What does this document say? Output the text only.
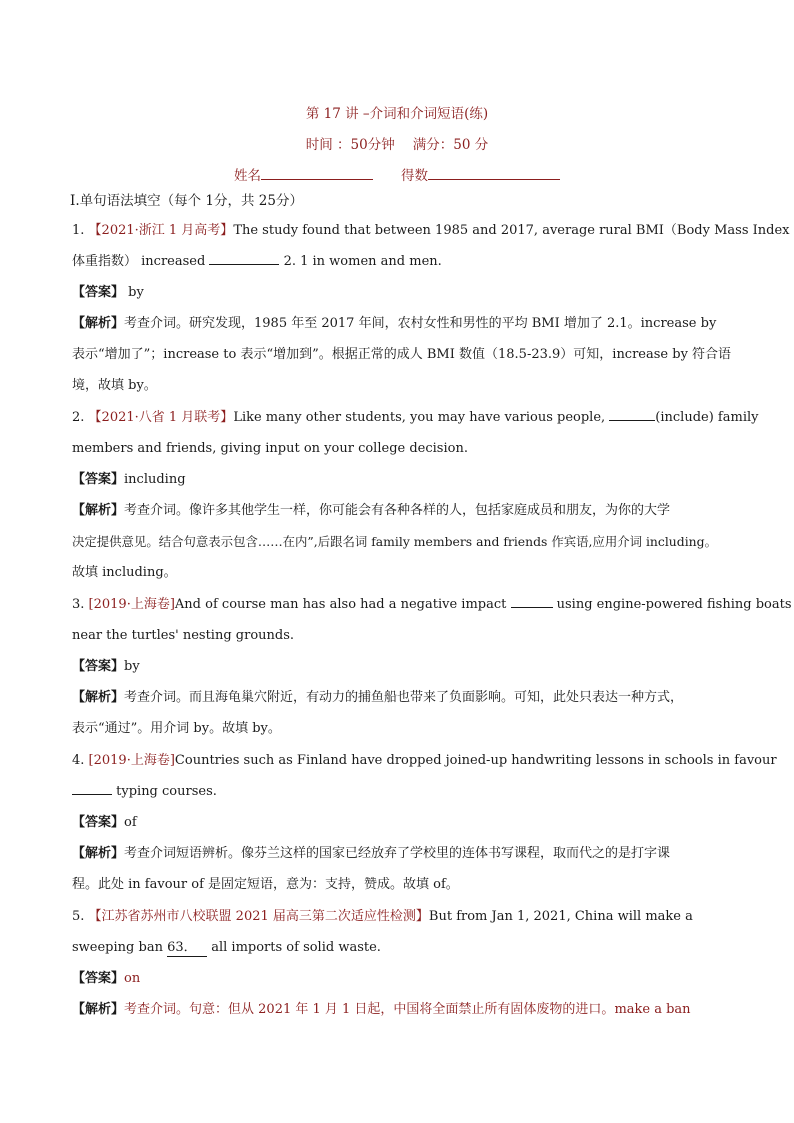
第 17 讲 –介词和介词短语(练)
时间 ：50分钟 满分：50 分
姓名	得数
Ⅰ.单句语法填空（每个 1分，共 25分）
1. 【2021·浙江 1 月高考】The study found that between 1985 and 2017, average rural BMI（Body Mass Index
体重指数） increased	2. 1 in women and men.
【答案】 by
【解析】考查介词。研究发现，1985 年至 2017 年间，农村女性和男性的平均 BMI 增加了 2.1。increase by
表示“增加了”；increase to 表示“增加到”。根据正常的成人 BMI 数值（18.5-23.9）可知，increase by 符合语
境，故填 by。
2. 【2021·八省 1 月联考】Like many other students, you may have various people,	(include) family
members and friends, giving input on your college decision.
【答案】including
【解析】考查介词。像许多其他学生一样，你可能会有各种各样的人，包括家庭成员和朋友，为你的大学
决定提供意见。结合句意表示包含……在内”,后跟名词 family members and friends 作宾语,应用介词 including。
故填 including。
3. [2019·上海卷]And of course man has also had a negative impact	using engine-powered fishing boats
near the turtles' nesting grounds.
【答案】by
【解析】考查介词。而且海龟巢穴附近，有动力的捕鱼船也带来了负面影响。可知，此处只表达一种方式，
表示“通过”。用介词 by。故填 by。
4. [2019·上海卷]Countries such as Finland have dropped joined-up handwriting lessons in schools in favour
typing courses.
【答案】of
【解析】考查介词短语辨析。像芬兰这样的国家已经放弃了学校里的连体书写课程，取而代之的是打字课
程。此处 in favour of 是固定短语，意为：支持，赞成。故填 of。
5. 【江苏省苏州市八校联盟 2021 届高三第二次适应性检测】But from Jan 1, 2021, China will make a
sweeping ban 63． all imports of solid waste.
【答案】on
【解析】考查介词。句意：但从 2021 年 1 月 1 日起，中国将全面禁止所有固体废物的进口。make a ban
